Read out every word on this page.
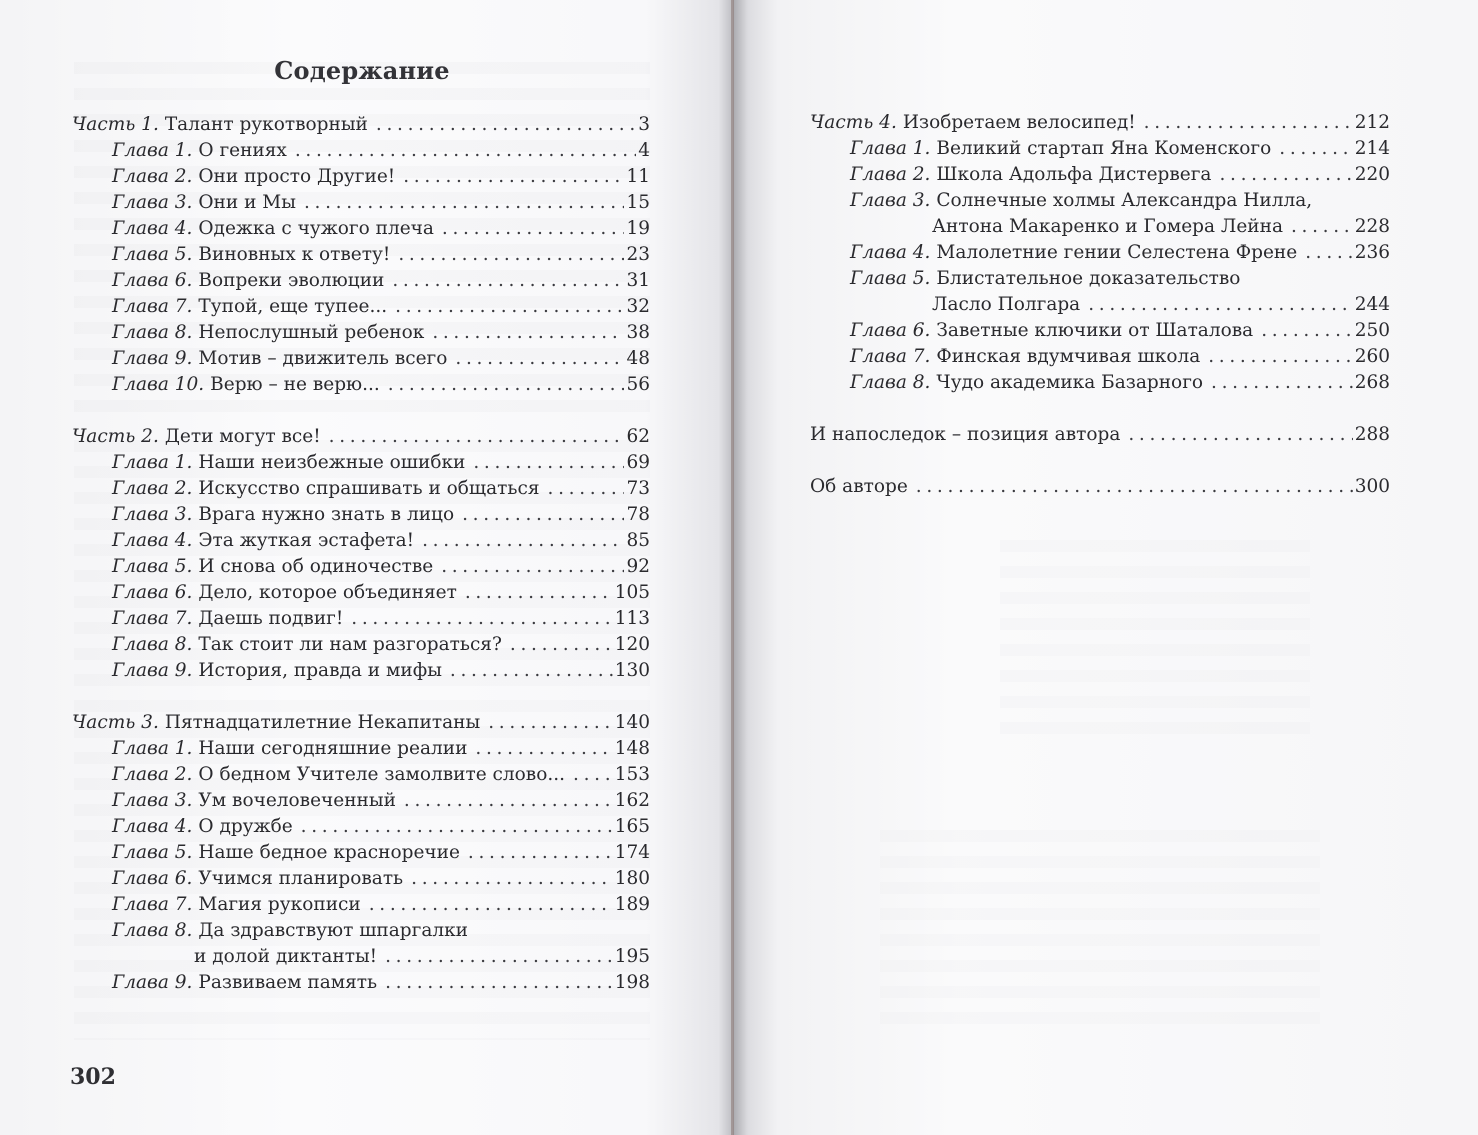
Содержание
Часть 1. Талант рукотворный . . .	3
Глава 1. О гениях . . .	4
Глава 2. Они просто Другие! . . .	11
Глава 3. Они и Мы . . .	15
Глава 4. Одежка с чужого плеча . . .	19
Глава 5. Виновных к ответу! . . .	23
Глава 6. Вопреки эволюции . . .	31
Глава 7. Тупой, еще тупее... . . .	32
Глава 8. Непослушный ребенок . . .	38
Глава 9. Мотив – движитель всего . . .	48
Глава 10. Верю – не верю... . . .	56
Часть 2. Дети могут все! . . .	62
Глава 1. Наши неизбежные ошибки . . .	69
Глава 2. Искусство спрашивать и общаться . . .	73
Глава 3. Врага нужно знать в лицо . . .	78
Глава 4. Эта жуткая эстафета! . . .	85
Глава 5. И снова об одиночестве . . .	92
Глава 6. Дело, которое объединяет . . .	105
Глава 7. Даешь подвиг! . . .	113
Глава 8. Так стоит ли нам разгораться? . . .	120
Глава 9. История, правда и мифы . . .	130
Часть 3. Пятнадцатилетние Некапитаны . . .	140
Глава 1. Наши сегодняшние реалии . . .	148
Глава 2. О бедном Учителе замолвите слово... . . .	153
Глава 3. Ум вочеловеченный . . .	162
Глава 4. О дружбе . . .	165
Глава 5. Наше бедное красноречие . . .	174
Глава 6. Учимся планировать . . .	180
Глава 7. Магия рукописи . . .	189
Глава 8. Да здравствуют шпаргалки
и долой диктанты! . . .	195
Глава 9. Развиваем память . . .	198
Часть 4. Изобретаем велосипед! . . .	212
Глава 1. Великий стартап Яна Коменского . . .	214
Глава 2. Школа Адольфа Дистервега . . .	220
Глава 3. Солнечные холмы Александра Нилла,
Антона Макаренко и Гомера Лейна . . .	228
Глава 4. Малолетние гении Селестена Френе . . .	236
Глава 5. Блистательное доказательство
Ласло Полгара . . .	244
Глава 6. Заветные ключики от Шаталова . . .	250
Глава 7. Финская вдумчивая школа . . .	260
Глава 8. Чудо академика Базарного . . .	268
И напоследок – позиция автора . . .	288
Об авторе . . .	300
302
